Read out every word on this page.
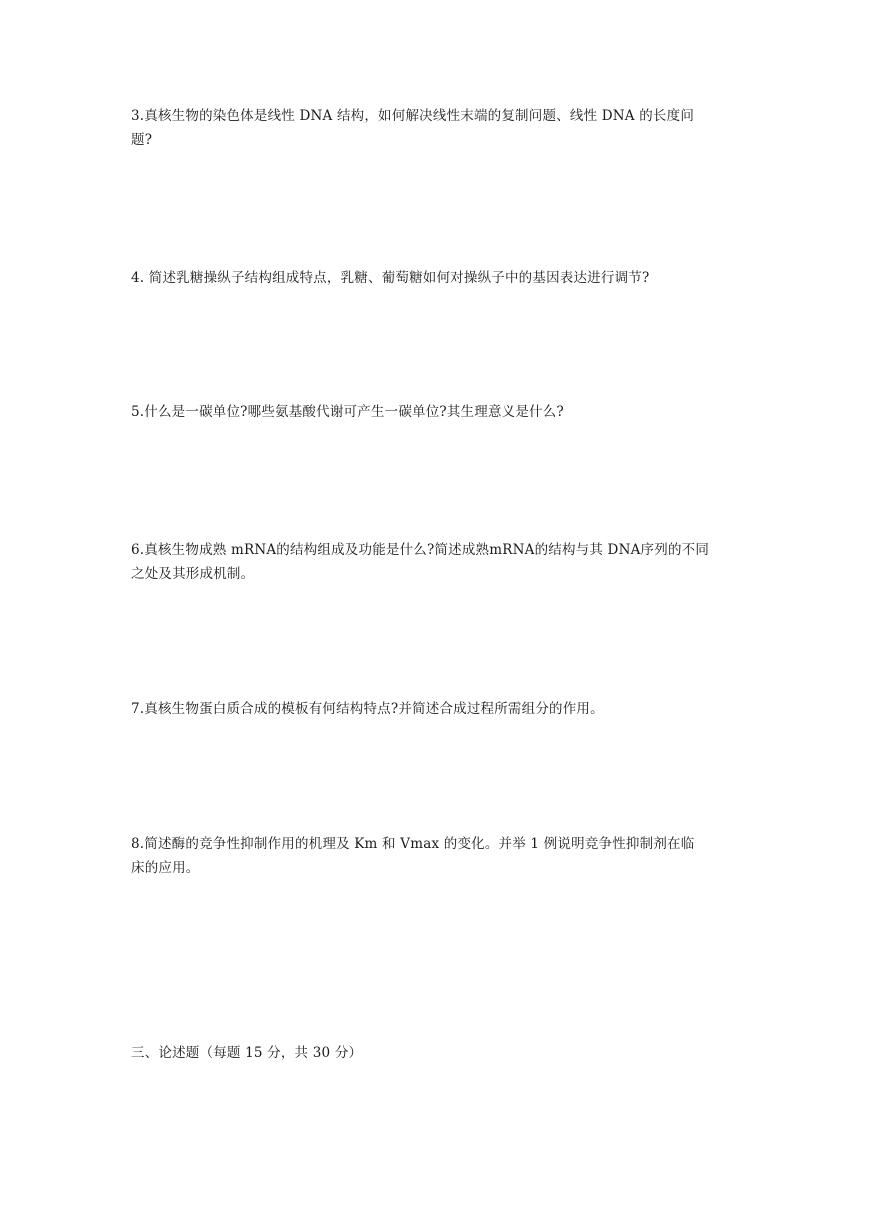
3.真核生物的染色体是线性 DNA 结构，如何解决线性末端的复制问题、线性 DNA 的长度问
题?
4. 简述乳糖操纵子结构组成特点，乳糖、葡萄糖如何对操纵子中的基因表达进行调节?
5.什么是一碳单位?哪些氨基酸代谢可产生一碳单位?其生理意义是什么?
6.真核生物成熟 mRNA的结构组成及功能是什么?简述成熟mRNA的结构与其 DNA序列的不同
之处及其形成机制。
7.真核生物蛋白质合成的模板有何结构特点?并简述合成过程所需组分的作用。
8.简述酶的竞争性抑制作用的机理及 Km 和 Vmax 的变化。并举 1 例说明竞争性抑制剂在临
床的应用。
三、论述题（每题 15 分，共 30 分）
